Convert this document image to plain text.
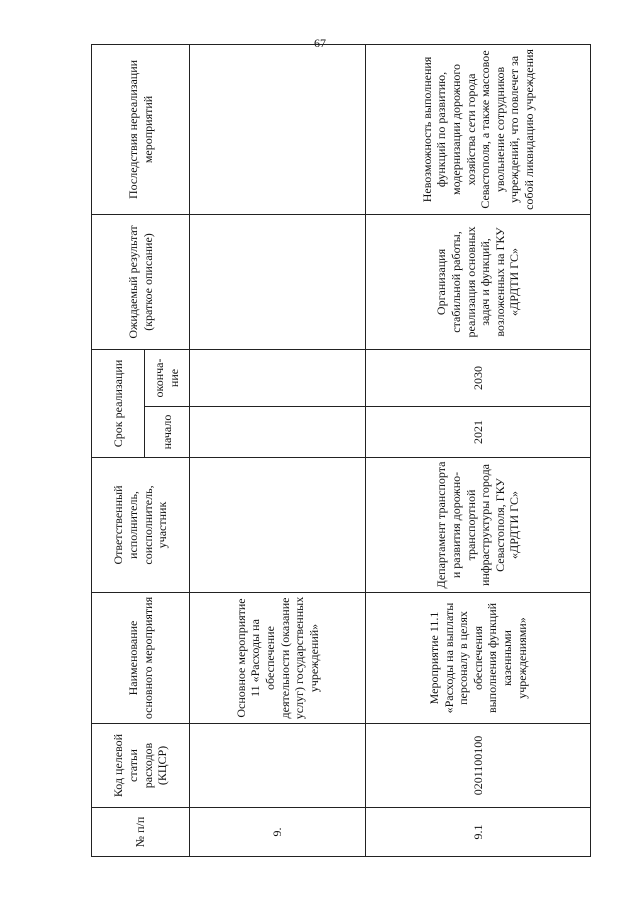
67
№ п/п	Код целевой статьи расходов (КЦСР)	Наименование основного мероприятия	Ответственный исполнитель, соисполнитель, участник	Срок реализации		Ожидаемый результат (краткое описание)	Последствия нереализации мероприятий
				начало	оконча-ние		
9.		Основное мероприятие 11 «Расходы на обеспечение деятельности (оказание услуг) государственных учреждений»					
9.1	0201100100	Мероприятие 11.1 «Расходы на выплаты персоналу в целях обеспечения выполнения функций казенными учреждениями»	Департамент транспорта и развития дорожно-транспортной инфраструктуры города Севастополя, ГКУ «ДРДТИ ГС»	2021	2030	Организация стабильной работы, реализация основных задач и функций, возложенных на ГКУ «ДРДТИ ГС»	Невозможность выполнения функций по развитию, модернизации дорожного хозяйства сети города Севастополя, а также массовое увольнение сотрудников учреждений, что повлечет за собой ликвидацию учреждения
